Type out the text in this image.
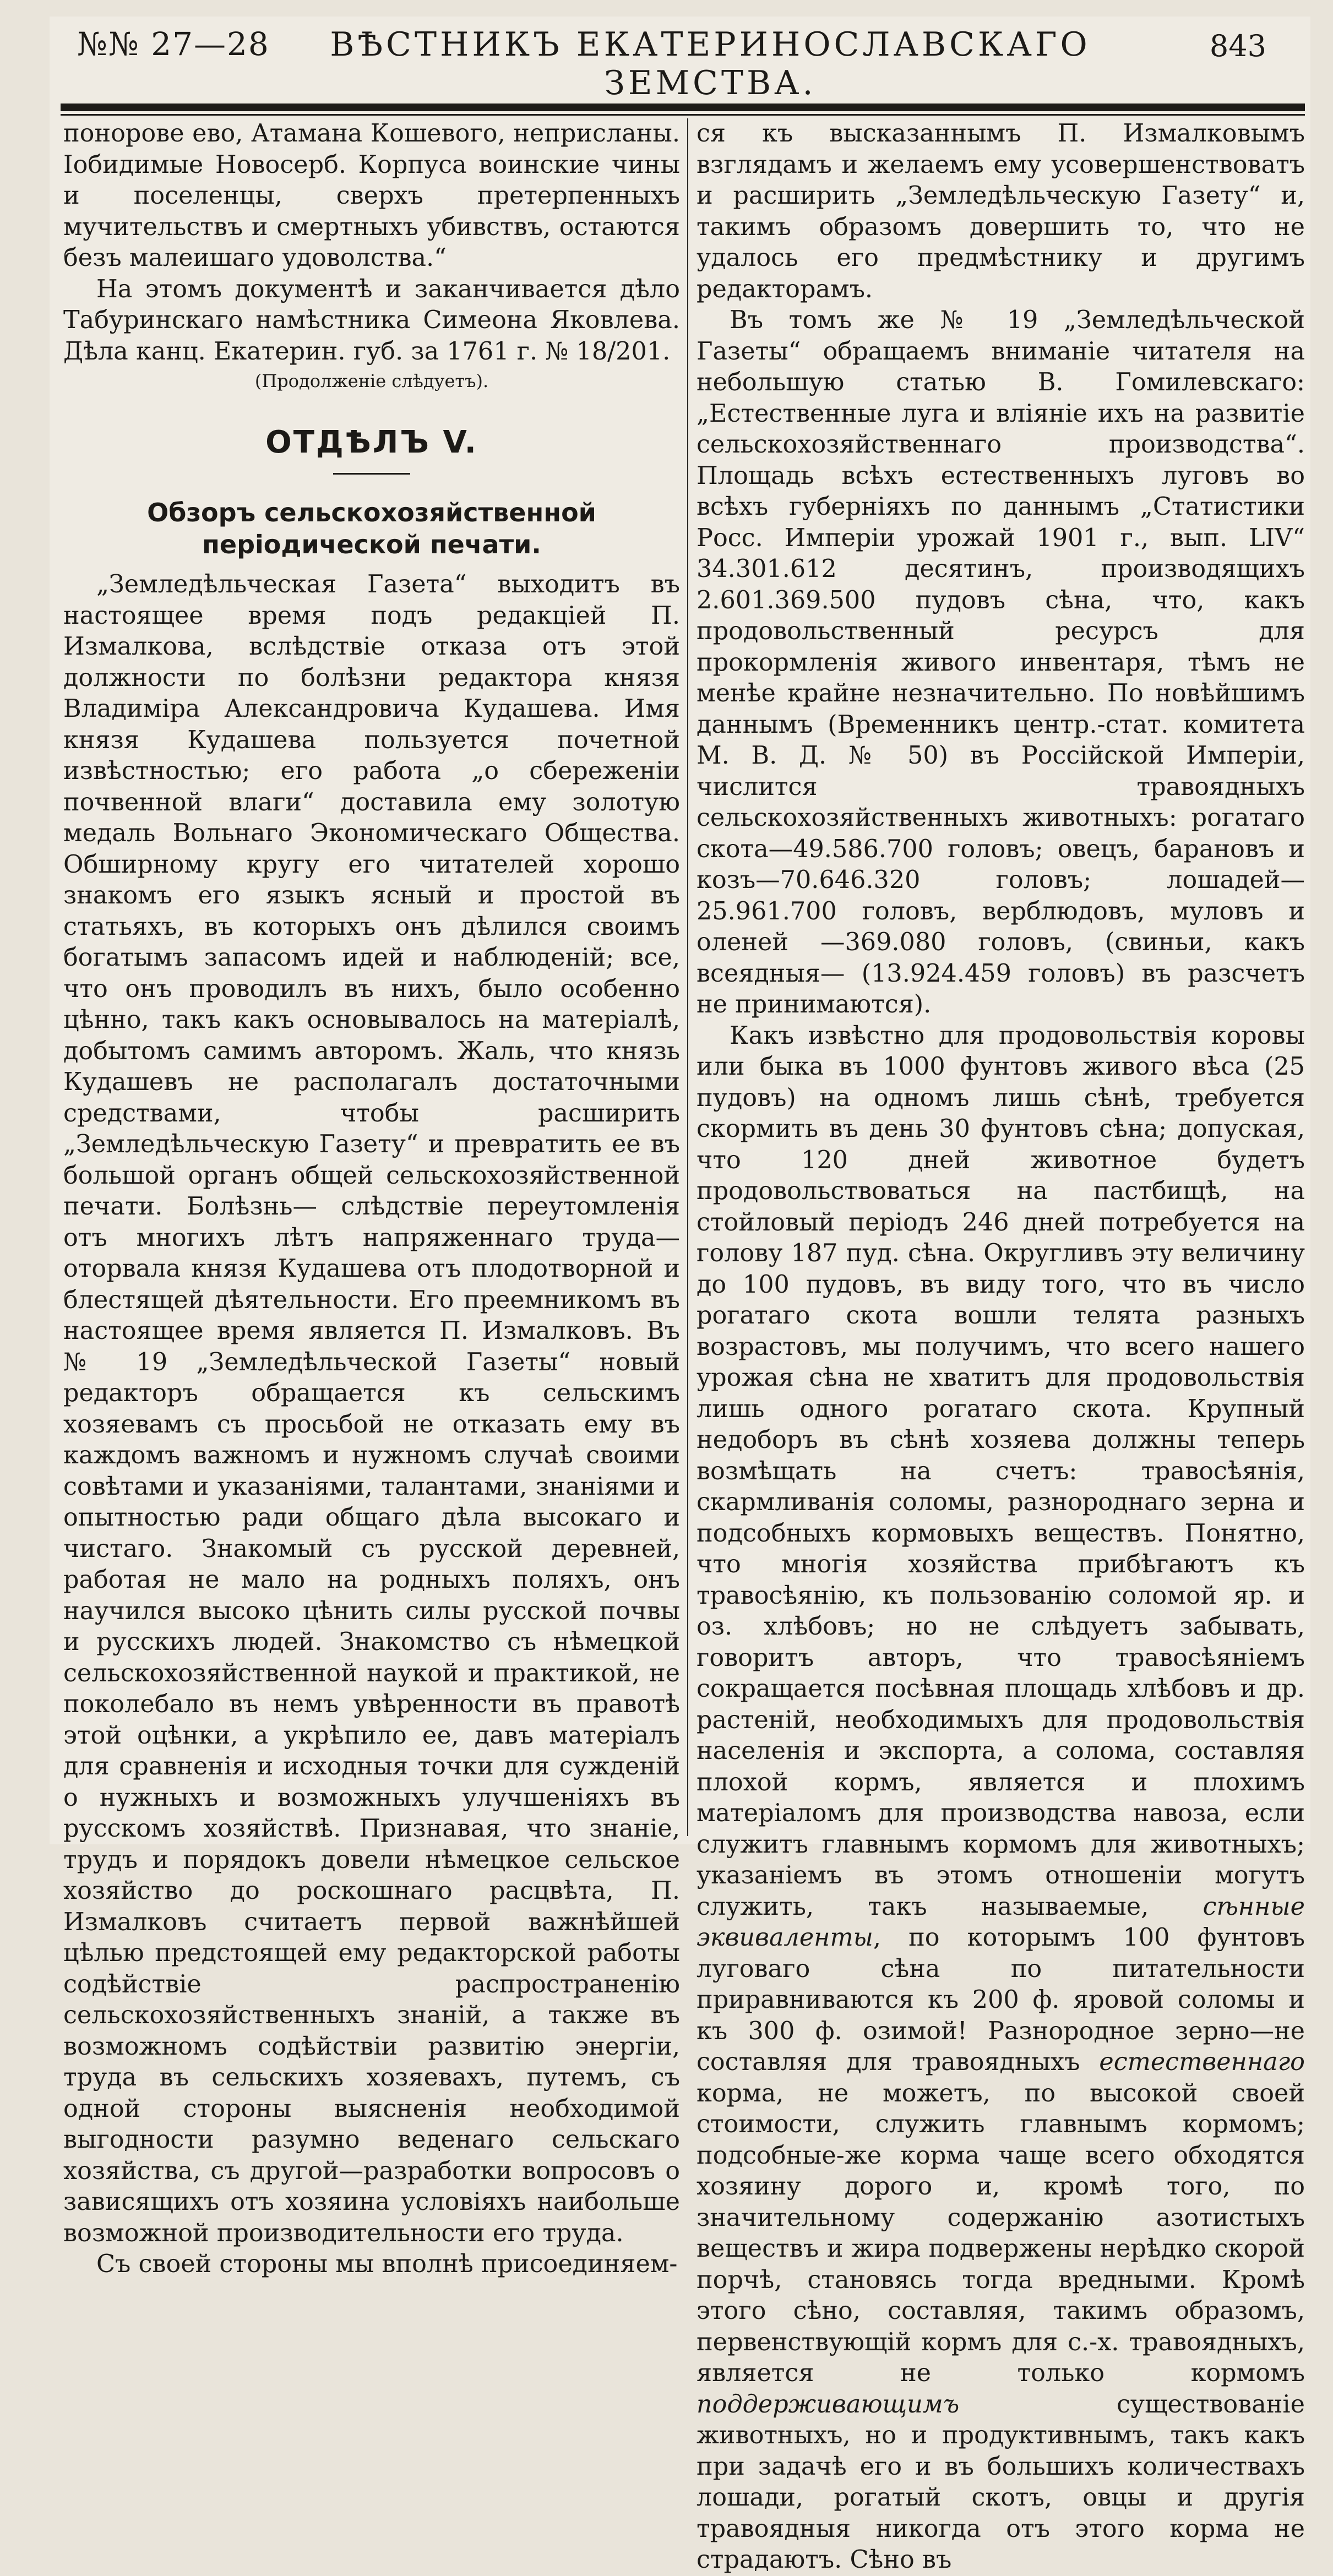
№№ 27—28	ВѢСТНИКЪ ЕКАТЕРИНОСЛАВСКАГО ЗЕМСТВА.
843

понорове ево, Атамана Кошевого, неприсланы. Iобидимые Новосерб. Корпуса воинские чины и поселенцы, сверхъ претерпенныхъ мучительствъ и смертныхъ убивствъ, остаются безъ малеишаго удоволства.“

На этомъ документѣ и заканчивается дѣло Табуринскаго намѣстника Симеона Яковлева. Дѣла канц. Екатерин. губ. за 1761 г. № 18/201.

(Продолженіе слѣдуетъ).

ОТДѢЛЪ V.
Обзоръ сельскохозяйственной періодической печати.

„Земледѣльческая Газета“ выходитъ въ настоящее время подъ редакціей П. Измалкова, вслѣдствіе отказа отъ этой должности по болѣзни редактора князя Владиміра Александровича Кудашева. Имя князя Кудашева пользуется почетной извѣстностью; его работа „о сбереженіи почвенной влаги“ доставила ему золотую медаль Вольнаго Экономическаго Общества. Обширному кругу его читателей хорошо знакомъ его языкъ ясный и простой въ статьяхъ, въ которыхъ онъ дѣлился своимъ богатымъ запасомъ идей и наблюденій; все, что онъ проводилъ въ нихъ, было особенно цѣнно, такъ какъ основывалось на матеріалѣ, добытомъ самимъ авторомъ. Жаль, что князь Кудашевъ не располагалъ достаточными средствами, чтобы расширить „Земледѣльческую Газету“ и превратить ее въ большой органъ общей сельскохозяйственной печати. Болѣзнь— слѣдствіе переутомленія отъ многихъ лѣтъ напряженнаго труда—оторвала князя Кудашева отъ плодотворной и блестящей дѣятельности. Его преемникомъ въ настоящее время является П. Измалковъ. Въ № 19 „Земледѣльческой Газеты“ новый редакторъ обращается къ сельскимъ хозяевамъ съ просьбой не отказать ему въ каждомъ важномъ и нужномъ случаѣ своими совѣтами и указаніями, талантами, знаніями и опытностью ради общаго дѣла высокаго и чистаго. Знакомый съ русской деревней, работая не мало на родныхъ поляхъ, онъ научился высоко цѣнить силы русской почвы и русскихъ людей. Знакомство съ нѣмецкой сельскохозяйственной наукой и практикой, не поколебало въ немъ увѣренности въ правотѣ этой оцѣнки, а укрѣпило ее, давъ матеріалъ для сравненія и исходныя точки для сужденій о нужныхъ и возможныхъ улучшеніяхъ въ русскомъ хозяйствѣ. Признавая, что знаніе, трудъ и порядокъ довели нѣмецкое сельское хозяйство до роскошнаго расцвѣта, П. Измалковъ считаетъ первой важнѣйшей цѣлью предстоящей ему редакторской работы содѣйствіе распространенію сельскохозяйственныхъ знаній, а также въ возможномъ содѣйствіи развитію энергіи, труда въ сельскихъ хозяевахъ, путемъ, съ одной стороны выясненія необходимой выгодности разумно веденаго сельскаго хозяйства, съ другой—разработки вопросовъ о зависящихъ отъ хозяина условіяхъ наибольше возможной производительности его труда.

Съ своей стороны мы вполнѣ присоединяем-

ся къ высказаннымъ П. Измалковымъ взглядамъ и желаемъ ему усовершенствоватъ и расширить „Земледѣльческую Газету“ и, такимъ образомъ довершить то, что не удалось его предмѣстнику и другимъ редакторамъ.

Въ томъ же № 19 „Земледѣльческой Газеты“ обращаемъ вниманіе читателя на небольшую статью В. Гомилевскаго: „Естественные луга и вліяніе ихъ на развитіе сельскохозяйственнаго производства“. Площадь всѣхъ естественныхъ луговъ во всѣхъ губерніяхъ по даннымъ „Статистики Росс. Имперіи урожай 1901 г., вып. LIV“ 34.301.612 десятинъ, производящихъ 2.601.369.500 пудовъ сѣна, что, какъ продовольственный ресурсъ для прокормленія живого инвентаря, тѣмъ не менѣе крайне незначительно. По новѣйшимъ даннымъ (Временникъ центр.-стат. комитета М. В. Д. № 50) въ Россійской Имперіи, числится травоядныхъ сельскохозяйственныхъ животныхъ: рогатаго скота—49.586.700 головъ; овецъ, барановъ и козъ—70.646.320 головъ; лошадей— 25.961.700 головъ, верблюдовъ, муловъ и оленей —369.080 головъ, (свиньи, какъ всеядныя— (13.924.459 головъ) въ разсчетъ не принимаются).

Какъ извѣстно для продовольствія коровы или быка въ 1000 фунтовъ живого вѣса (25 пудовъ) на одномъ лишь сѣнѣ, требуется скормить въ день 30 фунтовъ сѣна; допуская, что 120 дней животное будетъ продовольствоваться на пастбищѣ, на стойловый періодъ 246 дней потребуется на голову 187 пуд. сѣна. Округливъ эту величину до 100 пудовъ, въ виду того, что въ число рогатаго скота вошли телята разныхъ возрастовъ, мы получимъ, что всего нашего урожая сѣна не хватитъ для продовольствія лишь одного рогатаго скота. Крупный недоборъ въ сѣнѣ хозяева должны теперь возмѣщать на счетъ: травосѣянія, скармливанія соломы, разнороднаго зерна и подсобныхъ кормовыхъ веществъ. Понятно, что многія хозяйства прибѣгаютъ къ травосѣянію, къ пользованію соломой яр. и оз. хлѣбовъ; но не слѣдуетъ забывать, говоритъ авторъ, что травосѣяніемъ сокращается посѣвная площадь хлѣбовъ и др. растеній, необходимыхъ для продовольствія населенія и экспорта, а солома, составляя плохой кормъ, является и плохимъ матеріаломъ для производства навоза, если служитъ главнымъ кормомъ для животныхъ; указаніемъ въ этомъ отношеніи могутъ служить, такъ называемые, сѣнные эквиваленты, по которымъ 100 фунтовъ луговаго сѣна по питательности приравниваются къ 200 ф. яровой соломы и къ 300 ф. озимой! Разнородное зерно—не составляя для травоядныхъ естественнаго корма, не можетъ, по высокой своей стоимости, служить главнымъ кормомъ; подсобные-же корма чаще всего обходятся хозяину дорого и, кромѣ того, по значительному содержанію азотистыхъ веществъ и жира подвержены нерѣдко скорой порчѣ, становясь тогда вредными. Кромѣ этого сѣно, составляя, такимъ образомъ, первенствующій кормъ для с.-х. травоядныхъ, является не только кормомъ поддерживающимъ	существованіе животныхъ, но и продуктивнымъ, такъ какъ при задачѣ его и въ большихъ количествахъ лошади, рогатый скотъ, овцы и другія травоядныя никогда отъ этого корма не страдаютъ. Сѣно въ
